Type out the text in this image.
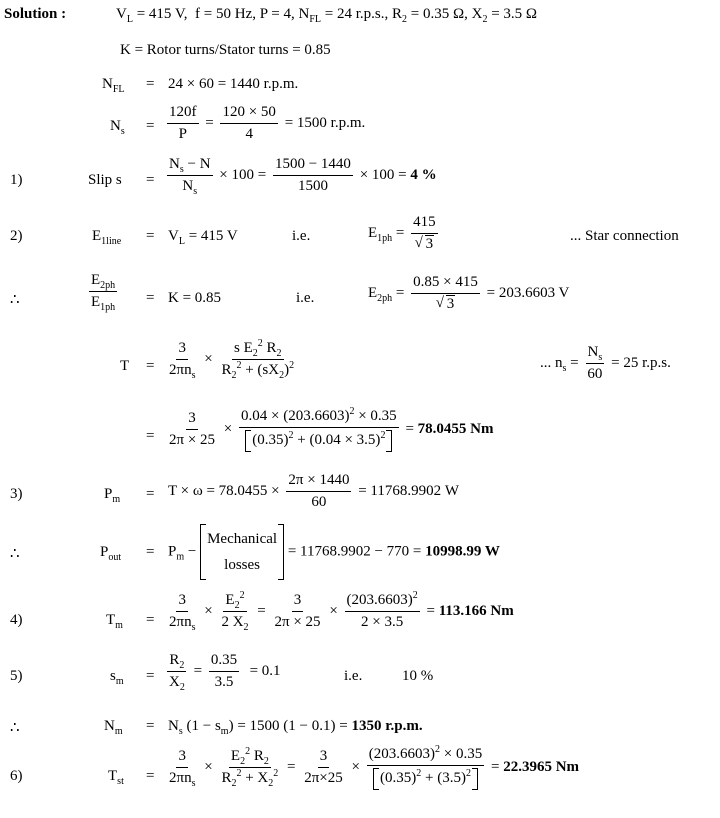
Solution :	$V_L = 415$ V,  f = 50 Hz, P = 4, $N_{FL} = 24$ r.p.s., $R_2 = 0.35$ Ω, $X_2 = 3.5$ Ω
K = Rotor turns/Stator turns = 0.85
$N_{FL} = 24 \times 60 = 1440$ r.p.m.
$N_s = \frac{120f}{P} = \frac{120 \times 50}{4} = 1500$ r.p.m.
1)	Slip $s = \frac{N_s - N}{N_s} \times 100 = \frac{1500 - 1440}{1500} \times 100 = 4$ %
2)	$E_{1line} = V_L = 415$ V	i.e.	$E_{1ph} = 415$
√ 3	... Star connection
∴	$\frac{E_{2ph}}{E_{1ph}} = K = 0.85$	i.e.	$E_{2ph} = 0.85 \times 415$
√ 3 = 203.6603 V
$T = \frac{3}{2\pi n_s} \times \frac{s E_2^2 R_2}{R_2^2 + (sX_2)^2}$	... $n_s = \frac{N_s}{60} = 25$ r.p.s.
= $\frac{3}{2\pi \times 25} \times \frac{0.04 \times (203.6603)^2 \times 0.35}{(0.35)^2 + (0.04 \times 3.5)^2} = 78.0455$ Nm
3)	$P_m = T \times \omega = 78.0455 \times \frac{2\pi \times 1440}{60} = 11768.9902$ W
∴	$P_{out} = P_m$ −
Mechanical
losses
= 11768.9902 − 770 = 10998.99 W
4)	$T_m = \frac{3}{2\pi n_s} \times \frac{E_2^2}{2 X_2} = \frac{3}{2\pi \times 25} \times \frac{(203.6603)^2}{2 \times 3.5} = 113.166$ Nm
5)	$s_m = \frac{R_2}{X_2} = \frac{0.35}{3.5} = 0.1$	i.e.	10 %
∴	$N_m = N_s$ $(1 - s_m) = 1500$ (1 − 0.1) = 1350 r.p.m.
6)	$T_{st} = \frac{3}{2\pi n_s} \times \frac{E_2^2 R_2}{R_2^2 + X_2^2} = \frac{3}{2\pi\times 25} \times \frac{(203.6603)^2 \times 0.35}{(0.35)^2 + (3.5)^2} = 22.3965$ Nm
